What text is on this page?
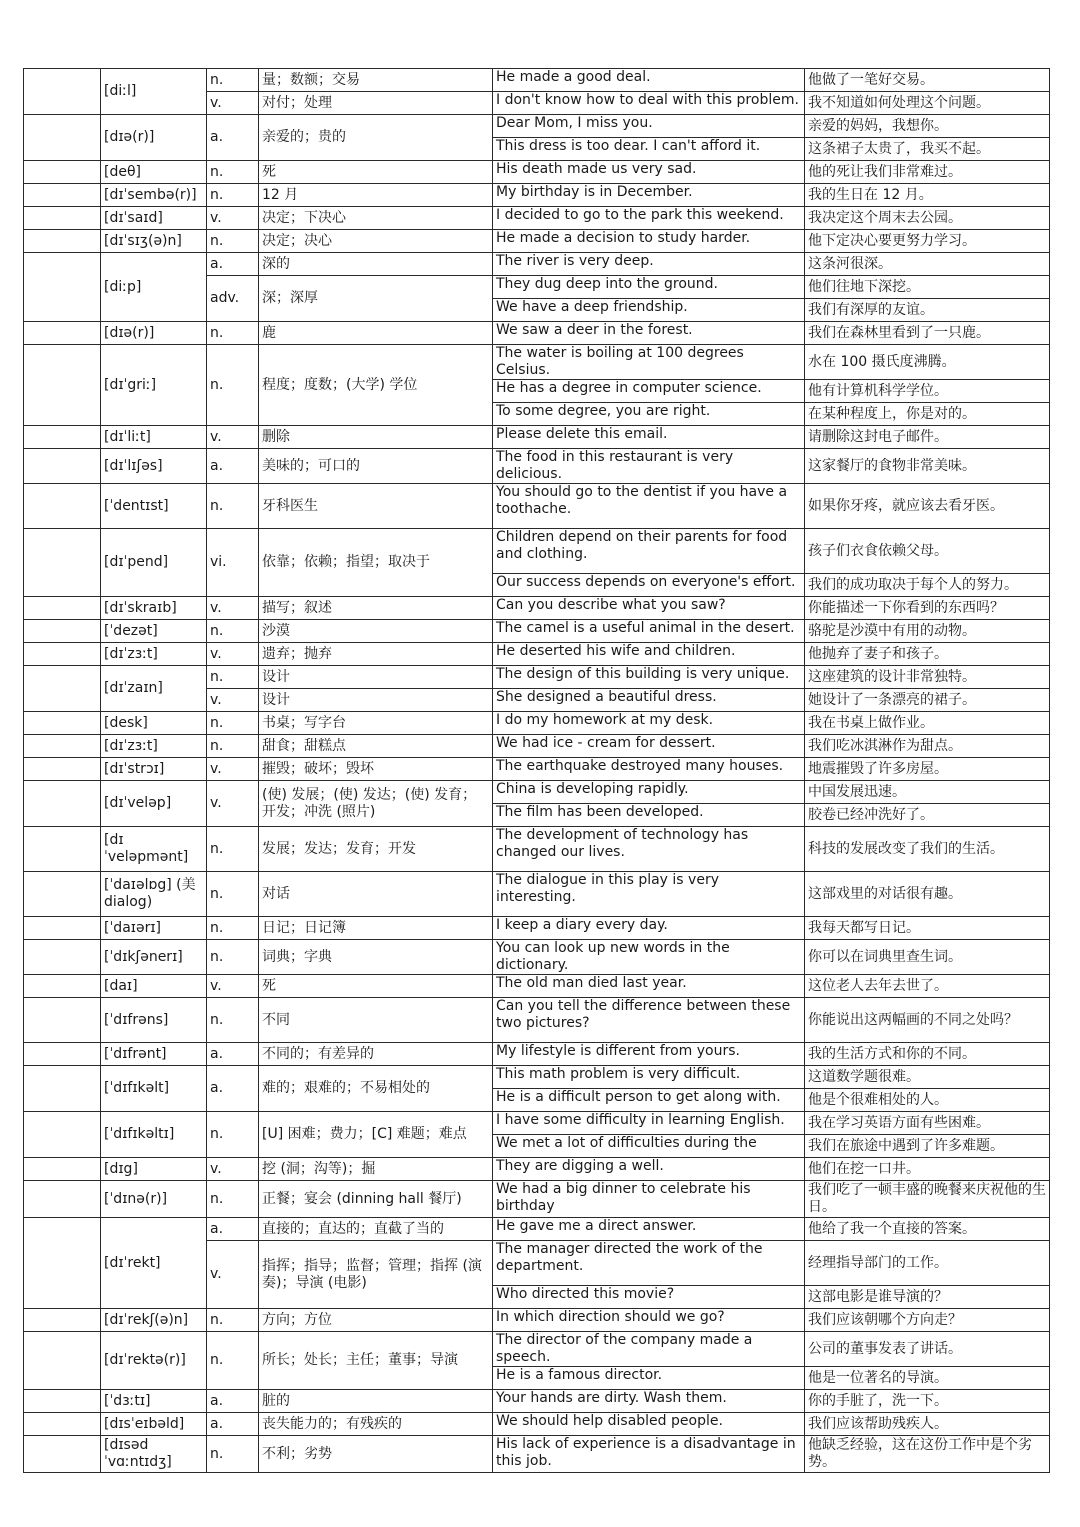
	[diːl]	n.	量；数额；交易	He made a good deal.	他做了一笔好交易。
		v.	对付；处理	I don't know how to deal with this problem.	我不知道如何处理这个问题。
	[dɪə(r)]	a.	亲爱的；贵的	Dear Mom, I miss you.	亲爱的妈妈，我想你。
				This dress is too dear. I can't afford it.	这条裙子太贵了，我买不起。
	[deθ]	n.	死	His death made us very sad.	他的死让我们非常难过。
	[dɪˈsembə(r)]	n.	12 月	My birthday is in December.	我的生日在 12 月。
	[dɪˈsaɪd]	v.	决定；下决心	I decided to go to the park this weekend.	我决定这个周末去公园。
	[dɪˈsɪʒ(ə)n]	n.	决定；决心	He made a decision to study harder.	他下定决心要更努力学习。
	[diːp]	a.	深的	The river is very deep.	这条河很深。
		adv.	深；深厚	They dug deep into the ground.	他们往地下深挖。
				We have a deep friendship.	我们有深厚的友谊。
	[dɪə(r)]	n.	鹿	We saw a deer in the forest.	我们在森林里看到了一只鹿。
	[dɪˈgriː]	n.	程度；度数；(大学) 学位	The water is boiling at 100 degrees Celsius.	水在 100 摄氏度沸腾。
				He has a degree in computer science.	他有计算机科学学位。
				To some degree, you are right.	在某种程度上，你是对的。
	[dɪˈliːt]	v.	删除	Please delete this email.	请删除这封电子邮件。
	[dɪˈlɪʃəs]	a.	美味的；可口的	The food in this restaurant is very delicious.	这家餐厅的食物非常美味。
	[ˈdentɪst]	n.	牙科医生	You should go to the dentist if you have a toothache.	如果你牙疼，就应该去看牙医。
	[dɪˈpend]	vi.	依靠；依赖；指望；取决于	Children depend on their parents for food and clothing.	孩子们衣食依赖父母。
				Our success depends on everyone's effort.	我们的成功取决于每个人的努力。
	[dɪˈskraɪb]	v.	描写；叙述	Can you describe what you saw?	你能描述一下你看到的东西吗？
	[ˈdezət]	n.	沙漠	The camel is a useful animal in the desert.	骆驼是沙漠中有用的动物。
	[dɪˈzɜːt]	v.	遗弃；抛弃	He deserted his wife and children.	他抛弃了妻子和孩子。
	[dɪˈzaɪn]	n.	设计	The design of this building is very unique.	这座建筑的设计非常独特。
		v.	设计	She designed a beautiful dress.	她设计了一条漂亮的裙子。
	[desk]	n.	书桌；写字台	I do my homework at my desk.	我在书桌上做作业。
	[dɪˈzɜːt]	n.	甜食；甜糕点	We had ice - cream for dessert.	我们吃冰淇淋作为甜点。
	[dɪˈstrɔɪ]	v.	摧毁；破坏；毁坏	The earthquake destroyed many houses.	地震摧毁了许多房屋。
	[dɪˈveləp]	v.	(使) 发展；(使) 发达；(使) 发育；开发；冲洗 (照片)	China is developing rapidly.	中国发展迅速。
				The film has been developed.	胶卷已经冲洗好了。
	[dɪˈveləpmənt]	n.	发展；发达；发育；开发	The development of technology has changed our lives.	科技的发展改变了我们的生活。
	[ˈdaɪəlɒg] (美 dialog)	n.	对话	The dialogue in this play is very interesting.	这部戏里的对话很有趣。
	[ˈdaɪərɪ]	n.	日记；日记簿	I keep a diary every day.	我每天都写日记。
	[ˈdɪkʃənerɪ]	n.	词典；字典	You can look up new words in the dictionary.	你可以在词典里查生词。
	[daɪ]	v.	死	The old man died last year.	这位老人去年去世了。
	[ˈdɪfrəns]	n.	不同	Can you tell the difference between these two pictures?	你能说出这两幅画的不同之处吗？
	[ˈdɪfrənt]	a.	不同的；有差异的	My lifestyle is different from yours.	我的生活方式和你的不同。
	[ˈdɪfɪkəlt]	a.	难的；艰难的；不易相处的	This math problem is very difficult.	这道数学题很难。
				He is a difficult person to get along with.	他是个很难相处的人。
	[ˈdɪfɪkəltɪ]	n.	[U] 困难；费力；[C] 难题；难点	I have some difficulty in learning English.	我在学习英语方面有些困难。
				We met a lot of difficulties during the	我们在旅途中遇到了许多难题。
	[dɪg]	v.	挖 (洞；沟等)；掘	They are digging a well.	他们在挖一口井。
	[ˈdɪnə(r)]	n.	正餐；宴会 (dinning hall 餐厅)	We had a big dinner to celebrate his birthday	我们吃了一顿丰盛的晚餐来庆祝他的生日。
	[dɪˈrekt]	a.	直接的；直达的；直截了当的	He gave me a direct answer.	他给了我一个直接的答案。
		v.	指挥；指导；监督；管理；指挥 (演奏)；导演 (电影)	The manager directed the work of the department.	经理指导部门的工作。
				Who directed this movie?	这部电影是谁导演的？
	[dɪˈrekʃ(ə)n]	n.	方向；方位	In which direction should we go?	我们应该朝哪个方向走？
	[dɪˈrektə(r)]	n.	所长；处长；主任；董事；导演	The director of the company made a speech.	公司的董事发表了讲话。
				He is a famous director.	他是一位著名的导演。
	[ˈdɜːtɪ]	a.	脏的	Your hands are dirty. Wash them.	你的手脏了，洗一下。
	[dɪsˈeɪbəld]	a.	丧失能力的；有残疾的	We should help disabled people.	我们应该帮助残疾人。
	[dɪsədˈvɑːntɪdʒ]	n.	不利；劣势	His lack of experience is a disadvantage in this job.	他缺乏经验，这在这份工作中是个劣势。
